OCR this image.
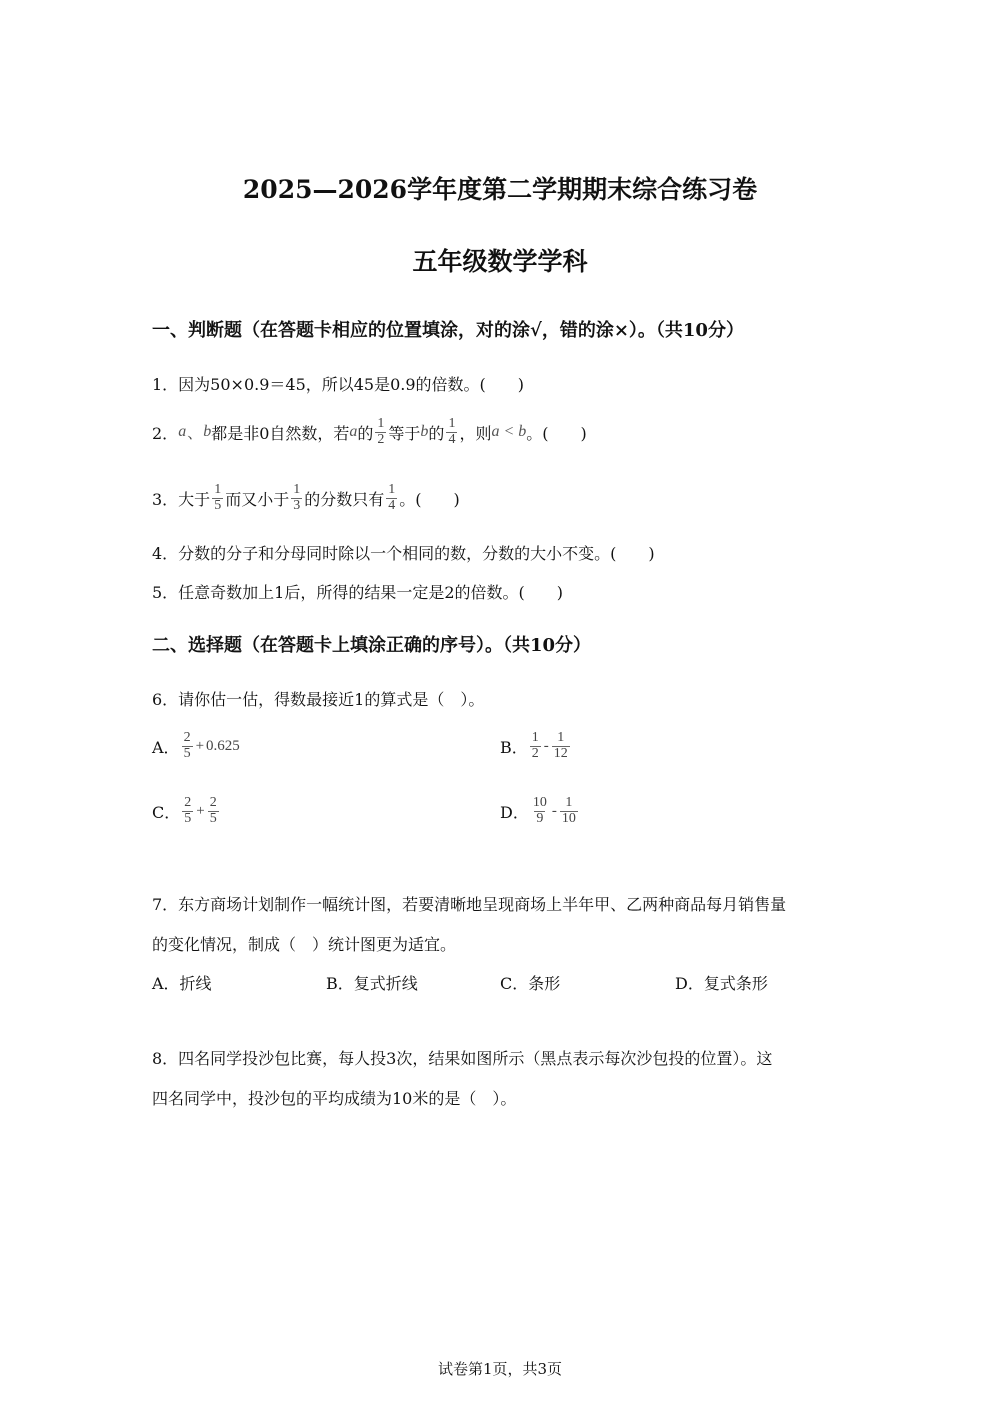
2025—2026学年度第二学期期末综合练习卷
五年级数学学科
一、判断题（在答题卡相应的位置填涂，对的涂√，错的涂×）。（共10分）
1．因为50×0.9＝45，所以45是0.9的倍数。(　　)
2． a 、 b 都是非0自然数，若 a 的 $\frac{1}{2}$ 等于 b 的 $\frac{1}{4}$ ，则 a < b 。(　　)
3．大于 $\frac{1}{5}$ 而又小于 $\frac{1}{3}$ 的分数只有 $\frac{1}{4}$ 。(　　)
4．分数的分子和分母同时除以一个相同的数，分数的大小不变。(　　)
5．任意奇数加上1后，所得的结果一定是2的倍数。(　　)
二、选择题（在答题卡上填涂正确的序号）。（共10分）
6．请你估一估，得数最接近1的算式是（　）。
A． $\frac{2}{5} + 0.625$	B． $\frac{1}{2} - \frac{1}{12}$
C． $\frac{2}{5} + \frac{2}{5}$	D． $\frac{10}{9} - \frac{1}{10}$
7．东方商场计划制作一幅统计图，若要清晰地呈现商场上半年甲、乙两种商品每月销售量
的变化情况，制成（　）统计图更为适宜。
A．折线	B．复式折线	C．条形	D．复式条形
8．四名同学投沙包比赛，每人投3次，结果如图所示（黑点表示每次沙包投的位置）。这
四名同学中，投沙包的平均成绩为10米的是（　）。
试卷第1页，共3页
